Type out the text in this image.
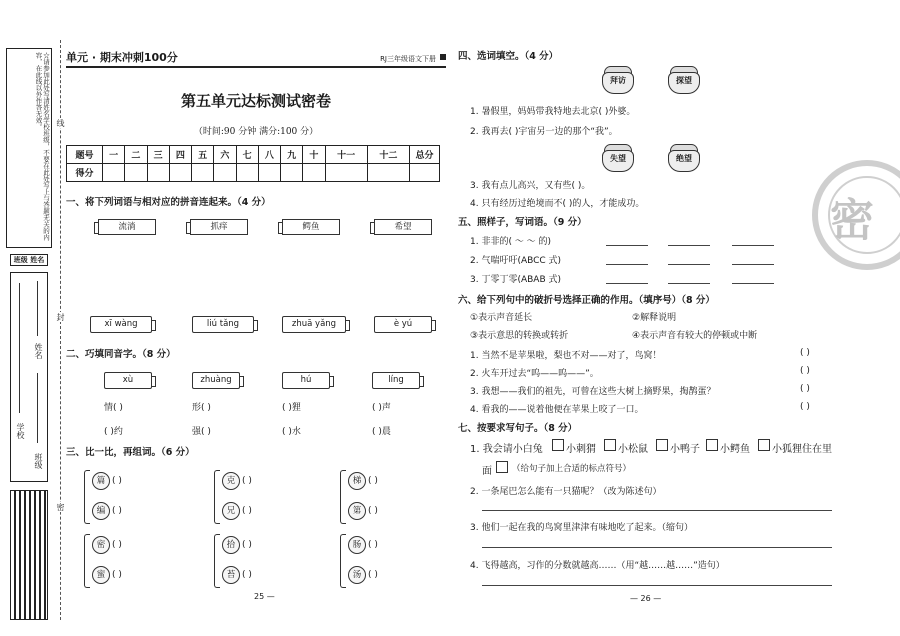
☆请参加此处写清姓名学校班级，不要在此处写上与答题无关的内容，在此线以外作答无效。
班级 姓名
学校
班级
姓名
线
封
密
单元 · 期末冲刺100分	RJ三年级语文下册
第五单元达标测试密卷
（时间:90 分钟 满分:100 分）
题号	一	二	三	四	五	六	七	八	九	十	十一	十二	总分
得分													
一、将下列词语与相对应的拼音连起来。（4 分）
流淌	抓痒	鳄鱼	希望
xī wàng	liú tǎng	zhuā yǎng	è yú
二、巧填同音字。（8 分）
xù	zhuàng	hú	líng
情( )	形( )	( )狸	( )声
( )约	强( )	( )水	( )晨
三、比一比，再组词。（6 分）
篇 ( )
编 ( )
克 ( )
兄 ( )
梯 ( )
第 ( )
密 ( )
蜜 ( )
拾 ( )
苔 ( )
肠 ( )
汤 ( )
25 —
四、选词填空。（4 分）
拜访	探望
1. 暑假里，妈妈带我特地去北京( )外婆。
2. 我再去( )宇宙另一边的那个“我”。
失望	绝望
3. 我有点儿高兴，又有些( )。
4. 只有经历过绝境而不( )的人，才能成功。
五、照样子，写词语。（9 分）
1. 非非的( ～ ～ 的)
2. 气喘吁吁(ABCC 式)
3. 丁零丁零(ABAB 式)
六、给下列句中的破折号选择正确的作用。（填序号）（8 分）
①表示声音延长	②解释说明
③表示意思的转换或转折	④表示声音有较大的停顿或中断
1. 当然不是苹果啦，梨也不对——对了，鸟窝！	( )
2. 火车开过去“呜——呜——”。	( )
3. 我想——我们的祖先，可曾在这些大树上摘野果，掏鹊蛋？	( )
4. 看我的——说着他便在苹果上咬了一口。	( )
七、按要求写句子。（8 分）
1. 我会请小白兔 小刺猬 小松鼠 小鸭子 小鳄鱼 小狐狸住在里
面 （给句子加上合适的标点符号）
2. 一条尾巴怎么能有一只猫呢？（改为陈述句）
3. 他们一起在我的鸟窝里津津有味地吃了起来。（缩句）
4. 飞得越高，习作的分数就越高……（用“越……越……”造句）
— 26 —
密
